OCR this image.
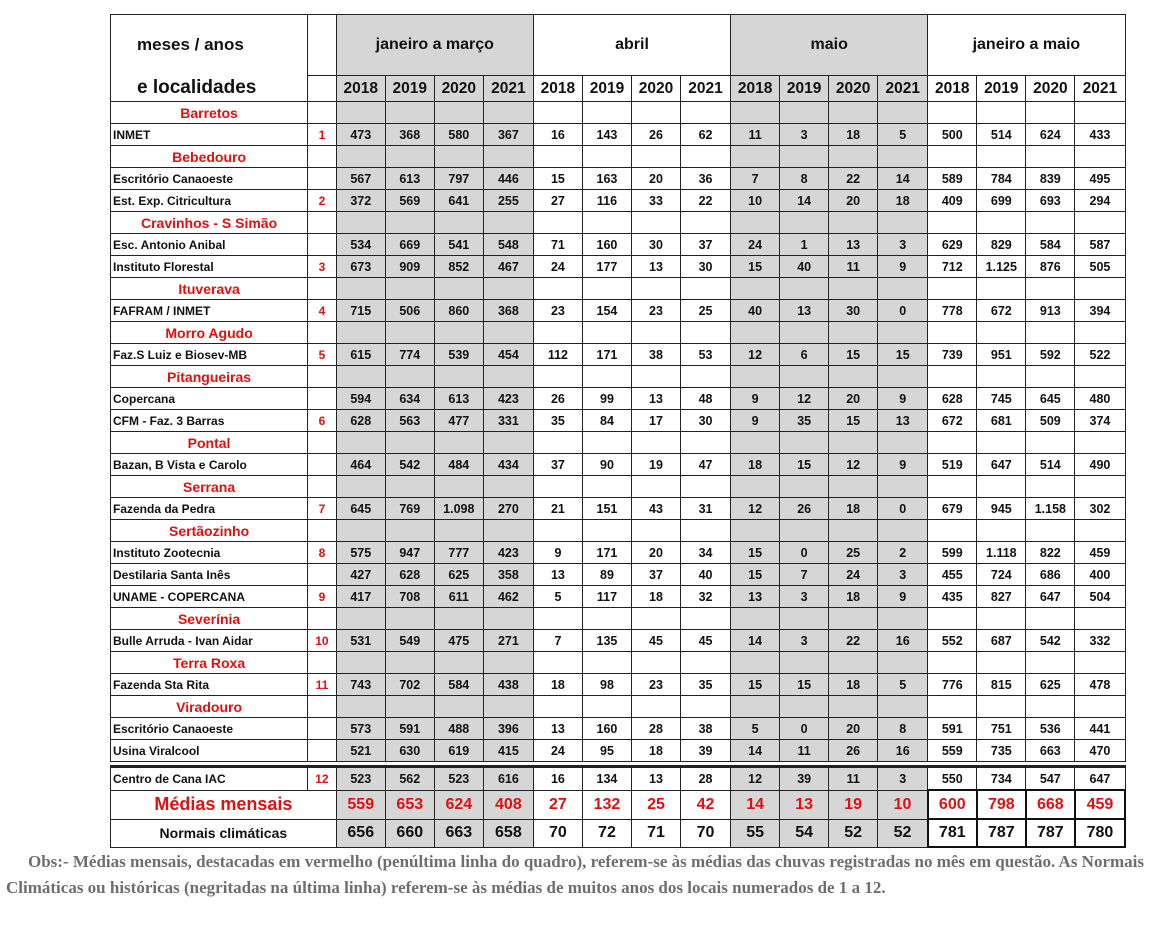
meses / anos		janeiro a março				abril				maio				janeiro a maio			
e localidades		2018	2019	2020	2021	2018	2019	2020	2021	2018	2019	2020	2021	2018	2019	2020	2021
Barretos																	
INMET	1	473	368	580	367	16	143	26	62	11	3	18	5	500	514	624	433
Bebedouro																	
Escritório Canaoeste		567	613	797	446	15	163	20	36	7	8	22	14	589	784	839	495
Est. Exp. Citricultura	2	372	569	641	255	27	116	33	22	10	14	20	18	409	699	693	294
Cravinhos - S Simão																	
Esc. Antonio Anibal		534	669	541	548	71	160	30	37	24	1	13	3	629	829	584	587
Instituto Florestal	3	673	909	852	467	24	177	13	30	15	40	11	9	712	1.125	876	505
Ituverava																	
FAFRAM / INMET	4	715	506	860	368	23	154	23	25	40	13	30	0	778	672	913	394
Morro Agudo																	
Faz.S Luiz e Biosev-MB	5	615	774	539	454	112	171	38	53	12	6	15	15	739	951	592	522
Pitangueiras																	
Copercana		594	634	613	423	26	99	13	48	9	12	20	9	628	745	645	480
CFM - Faz. 3 Barras	6	628	563	477	331	35	84	17	30	9	35	15	13	672	681	509	374
Pontal																	
Bazan, B Vista e Carolo		464	542	484	434	37	90	19	47	18	15	12	9	519	647	514	490
Serrana																	
Fazenda da Pedra	7	645	769	1.098	270	21	151	43	31	12	26	18	0	679	945	1.158	302
Sertãozinho																	
Instituto Zootecnia	8	575	947	777	423	9	171	20	34	15	0	25	2	599	1.118	822	459
Destilaria Santa Inês		427	628	625	358	13	89	37	40	15	7	24	3	455	724	686	400
UNAME - COPERCANA	9	417	708	611	462	5	117	18	32	13	3	18	9	435	827	647	504
Severínia																	
Bulle Arruda - Ivan Aidar	10	531	549	475	271	7	135	45	45	14	3	22	16	552	687	542	332
Terra Roxa																	
Fazenda Sta Rita	11	743	702	584	438	18	98	23	35	15	15	18	5	776	815	625	478
Viradouro																	
Escritório Canaoeste		573	591	488	396	13	160	28	38	5	0	20	8	591	751	536	441
Usina Viralcool		521	630	619	415	24	95	18	39	14	11	26	16	559	735	663	470

Centro de Cana IAC	12	523	562	523	616	16	134	13	28	12	39	11	3	550	734	547	647
Médias mensais		559	653	624	408	27	132	25	42	14	13	19	10	600	798	668	459
Normais climáticas		656	660	663	658	70	72	71	70	55	54	52	52	781	787	787	780

Obs:- Médias mensais, destacadas em vermelho (penúltima linha do quadro), referem-se às médias das chuvas registradas no mês em questão. As Normais Climáticas ou históricas (negritadas na última linha) referem-se às médias de muitos anos dos locais numerados de 1 a 12.
